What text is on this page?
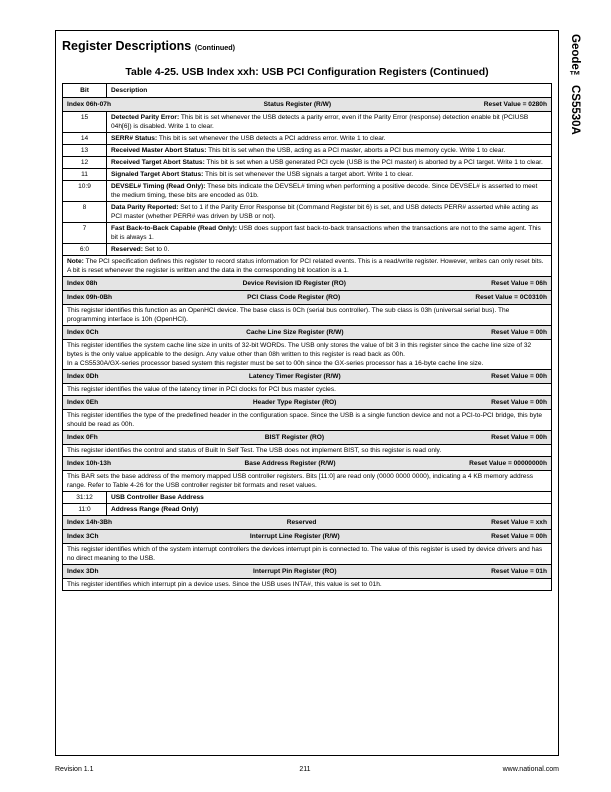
Geode™ CS5530A
Register Descriptions (Continued)
Table 4-25. USB Index xxh: USB PCI Configuration Registers (Continued)
Bit	Description

Index 06h-07h Status Register (R/W) Reset Value = 0280h	

15	Detected Parity Error: This bit is set whenever the USB detects a parity error, even if the Parity Error (response) detection enable bit (PCIUSB 04h[6]) is disabled. Write 1 to clear.
14	SERR# Status: This bit is set whenever the USB detects a PCI address error. Write 1 to clear.
13	Received Master Abort Status: This bit is set when the USB, acting as a PCI master, aborts a PCI bus memory cycle. Write 1 to clear.
12	Received Target Abort Status: This bit is set when a USB generated PCI cycle (USB is the PCI master) is aborted by a PCI target. Write 1 to clear.
11	Signaled Target Abort Status: This bit is set whenever the USB signals a target abort. Write 1 to clear.
10:9	DEVSEL# Timing (Read Only): These bits indicate the DEVSEL# timing when performing a positive decode. Since DEVSEL# is asserted to meet the medium timing, these bits are encoded as 01b.
8	Data Parity Reported: Set to 1 if the Parity Error Response bit (Command Register bit 6) is set, and USB detects PERR# asserted while acting as PCI master (whether PERR# was driven by USB or not).
7	Fast Back-to-Back Capable (Read Only): USB does support fast back-to-back transactions when the transactions are not to the same agent. This bit is always 1.
6:0	Reserved: Set to 0.
Note: The PCI specification defines this register to record status information for PCI related events. This is a read/write register. However, writes can only reset bits. A bit is reset whenever the register is written and the data in the corresponding bit location is a 1.	

Index 08h Device Revision ID Register (RO) Reset Value = 06h	

Index 09h-0Bh PCI Class Code Register (RO) Reset Value = 0C0310h	

This register identifies this function as an OpenHCI device. The base class is 0Ch (serial bus controller). The sub class is 03h (universal serial bus). The programming interface is 10h (OpenHCI).	

Index 0Ch Cache Line Size Register (R/W) Reset Value = 00h	

This register identifies the system cache line size in units of 32-bit WORDs. The USB only stores the value of bit 3 in this register since the cache line size of 32 bytes is the only value applicable to the design. Any value other than 08h written to this register is read back as 00h.
In a CS5530A/GX-series processor based system this register must be set to 00h since the GX-series processor has a 16-byte cache line size.	

Index 0Dh Latency Timer Register (R/W) Reset Value = 00h	

This register identifies the value of the latency timer in PCI clocks for PCI bus master cycles.	

Index 0Eh Header Type Register (RO) Reset Value = 00h	

This register identifies the type of the predefined header in the configuration space. Since the USB is a single function device and not a PCI-to-PCI bridge, this byte should be read as 00h.	

Index 0Fh BIST Register (RO) Reset Value = 00h	

This register identifies the control and status of Built In Self Test. The USB does not implement BIST, so this register is read only.	

Index 10h-13h Base Address Register (R/W) Reset Value = 00000000h	

This BAR sets the base address of the memory mapped USB controller registers. Bits [11:0] are read only (0000 0000 0000), indicating a 4 KB memory address range. Refer to Table 4-26 for the USB controller register bit formats and reset values.	
31:12	USB Controller Base Address
11:0	Address Range (Read Only)

Index 14h-3Bh Reserved Reset Value = xxh	

Index 3Ch Interrupt Line Register (R/W) Reset Value = 00h	

This register identifies which of the system interrupt controllers the devices interrupt pin is connected to. The value of this register is used by device drivers and has no direct meaning to the USB.	

Index 3Dh Interrupt Pin Register (RO) Reset Value = 01h	

This register identifies which interrupt pin a device uses. Since the USB uses INTA#, this value is set to 01h.	
Revision 1.1	211	www.national.com
